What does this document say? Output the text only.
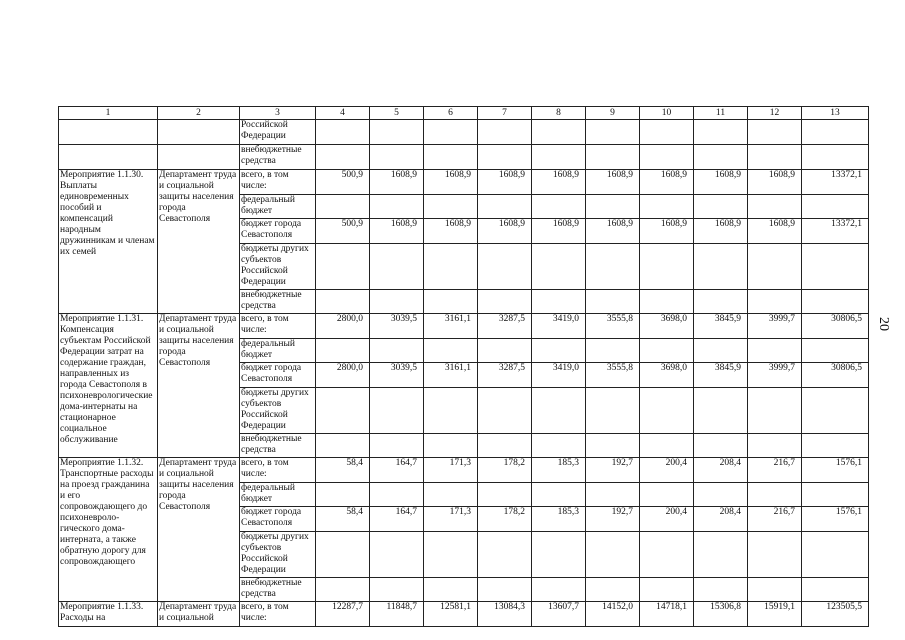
20
1	2	3	4	5	6	7	8	9	10	11	12	13
		Российской Федерации										
		внебюджетные средства										
Мероприятие 1.1.30. Выплаты единовременных пособий и компенсаций народным дружинникам и членам их семей	Департамент труда и социальной защиты населения города Севастополя	всего, в том числе:	500,9	1608,9	1608,9	1608,9	1608,9	1608,9	1608,9	1608,9	1608,9	13372,1
		федеральный бюджет										
		бюджет города Севастополя	500,9	1608,9	1608,9	1608,9	1608,9	1608,9	1608,9	1608,9	1608,9	13372,1
		бюджеты других субъектов Российской Федерации										
		внебюджетные средства										
Мероприятие 1.1.31. Компенсация субъектам Российской Федерации затрат на содержание граждан, направленных из города Севастополя в психоневрологические дома-интернаты на стационарное социальное обслуживание	Департамент труда и социальной защиты населения города Севастополя	всего, в том числе:	2800,0	3039,5	3161,1	3287,5	3419,0	3555,8	3698,0	3845,9	3999,7	30806,5
		федеральный бюджет										
		бюджет города Севастополя	2800,0	3039,5	3161,1	3287,5	3419,0	3555,8	3698,0	3845,9	3999,7	30806,5
		бюджеты других субъектов Российской Федерации										
		внебюджетные средства										
Мероприятие 1.1.32. Транспортные расходы на проезд гражданина и его сопровождающего до психоневроло-гического дома-интерната, а также обратную дорогу для сопровождающего	Департамент труда и социальной защиты населения города Севастополя	всего, в том числе:	58,4	164,7	171,3	178,2	185,3	192,7	200,4	208,4	216,7	1576,1
		федеральный бюджет										
		бюджет города Севастополя	58,4	164,7	171,3	178,2	185,3	192,7	200,4	208,4	216,7	1576,1
		бюджеты других субъектов Российской Федерации										
		внебюджетные средства										
Мероприятие 1.1.33. Расходы на	Департамент труда и социальной	всего, в том числе:	12287,7	11848,7	12581,1	13084,3	13607,7	14152,0	14718,1	15306,8	15919,1	123505,5
